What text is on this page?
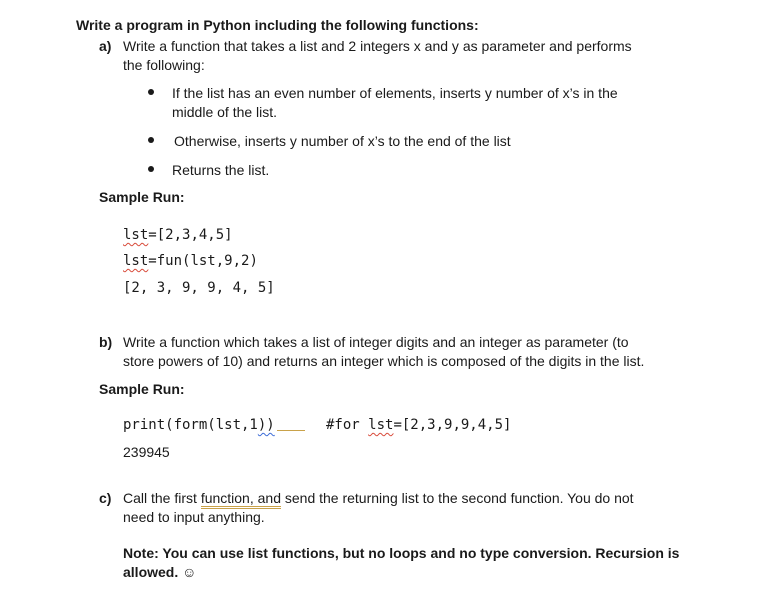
Write a program in Python including the following functions:
a) Write a function that takes a list and 2 integers x and y as parameter and performs
the following:
If the list has an even number of elements, inserts y number of x’s in the
middle of the list.
Otherwise, inserts y number of x’s to the end of the list
Returns the list.
Sample Run:
lst=[2,3,4,5]
lst=fun(lst,9,2)
[2, 3, 9, 9, 4, 5]
b) Write a function which takes a list of integer digits and an integer as parameter (to
store powers of 10) and returns an integer which is composed of the digits in the list.
Sample Run:
print(form(lst,1))	#for lst=[2,3,9,9,4,5]
239945
c) Call the first function, and send the returning list to the second function. You do not
need to input anything.
Note: You can use list functions, but no loops and no type conversion. Recursion is
allowed. ☺
